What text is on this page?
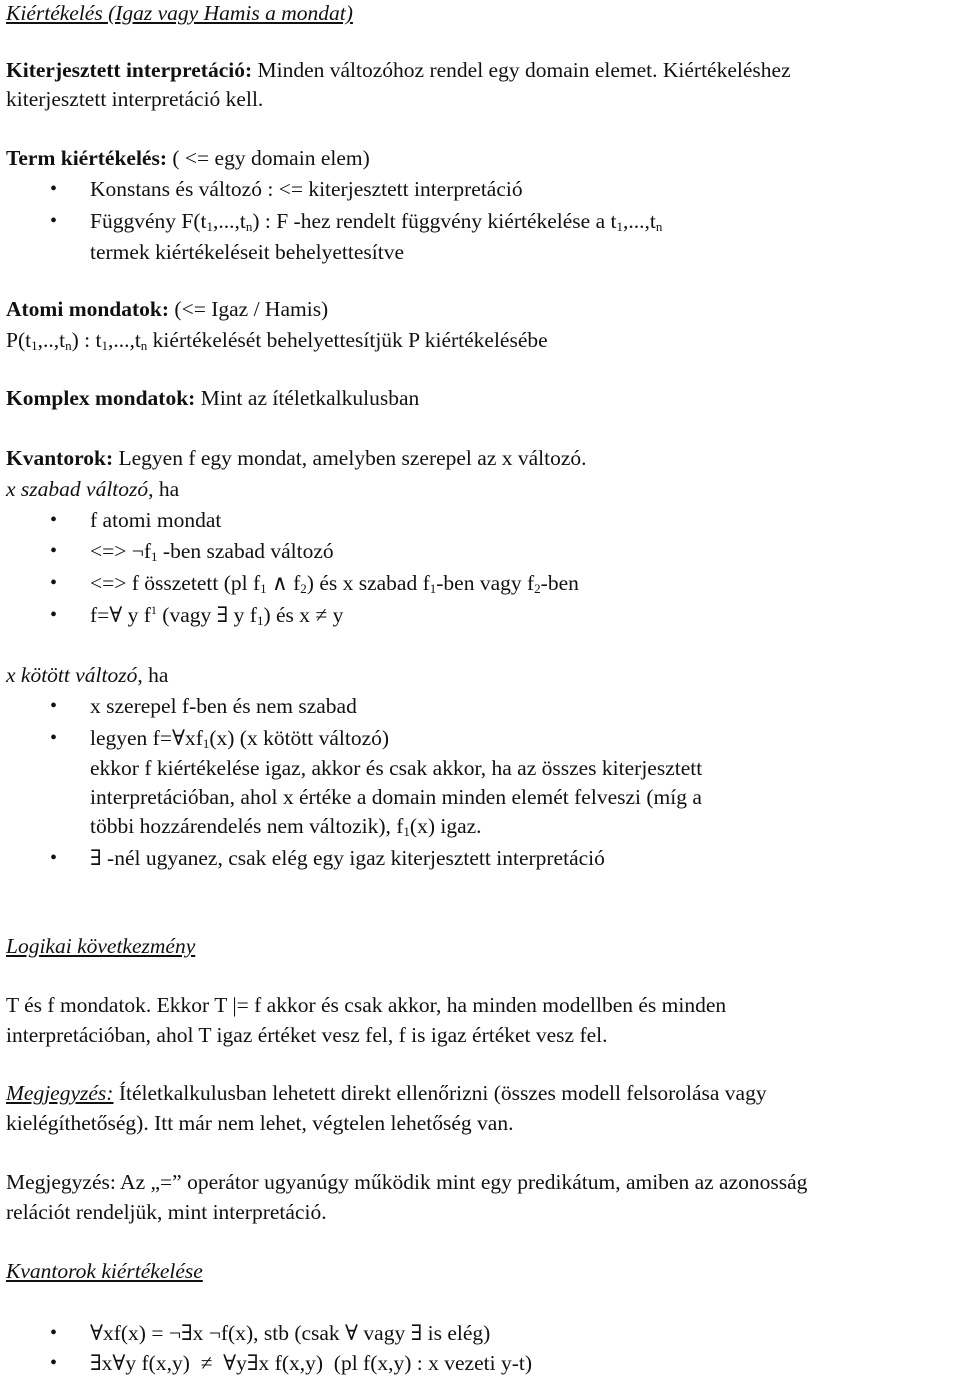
Kiértékelés (Igaz vagy Hamis a mondat)
Kiterjesztett interpretáció: Minden változóhoz rendel egy domain elemet. Kiértékeléshez
kiterjesztett interpretáció kell.
Term kiértékelés: ( <= egy domain elem)
• Konstans és változó : <= kiterjesztett interpretáció
• Függvény $F(t_1,...,t_n)$ : F -hez rendelt függvény kiértékelése a $t_1,...,t_n$
termek kiértékeléseit behelyettesítve
Atomi mondatok: (<= Igaz / Hamis)
$P(t_1,..,t_n)$ : $t_1,...,t_n$ kiértékelését behelyettesítjük P kiértékelésébe
Komplex mondatok: Mint az ítéletkalkulusban
Kvantorok: Legyen f egy mondat, amelyben szerepel az x változó.
x szabad változó, ha
• f atomi mondat
• <=> $\neg f_1$ -ben szabad változó
• <=> f összetett (pl $f_1$ ∧ $f_2$) és x szabad $f_1$-ben vagy $f_2$-ben
• f=∀ y $f^1$ (vagy ∃ y $f_1$) és x ≠ y
x kötött változó, ha
• x szerepel f-ben és nem szabad
• legyen $f=\forall xf_1(x)$ (x kötött változó)
ekkor f kiértékelése igaz, akkor és csak akkor, ha az összes kiterjesztett
interpretációban, ahol x értéke a domain minden elemét felveszi (míg a
többi hozzárendelés nem változik), $f_1(x)$ igaz.
• ∃ -nél ugyanez, csak elég egy igaz kiterjesztett interpretáció
Logikai következmény
T és f mondatok. Ekkor T |= f akkor és csak akkor, ha minden modellben és minden
interpretációban, ahol T igaz értéket vesz fel, f is igaz értéket vesz fel.
Megjegyzés: Ítéletkalkulusban lehetett direkt ellenőrizni (összes modell felsorolása vagy
kielégíthetőség). Itt már nem lehet, végtelen lehetőség van.
Megjegyzés: Az „=” operátor ugyanúgy működik mint egy predikátum, amiben az azonosság
relációt rendeljük, mint interpretáció.
Kvantorok kiértékelése
• ∀xf(x) = ¬∃x ¬f(x), stb (csak ∀ vagy ∃ is elég)
• ∃x∀y f(x,y)  ≠  ∀y∃x f(x,y)  (pl f(x,y) : x vezeti y-t)
